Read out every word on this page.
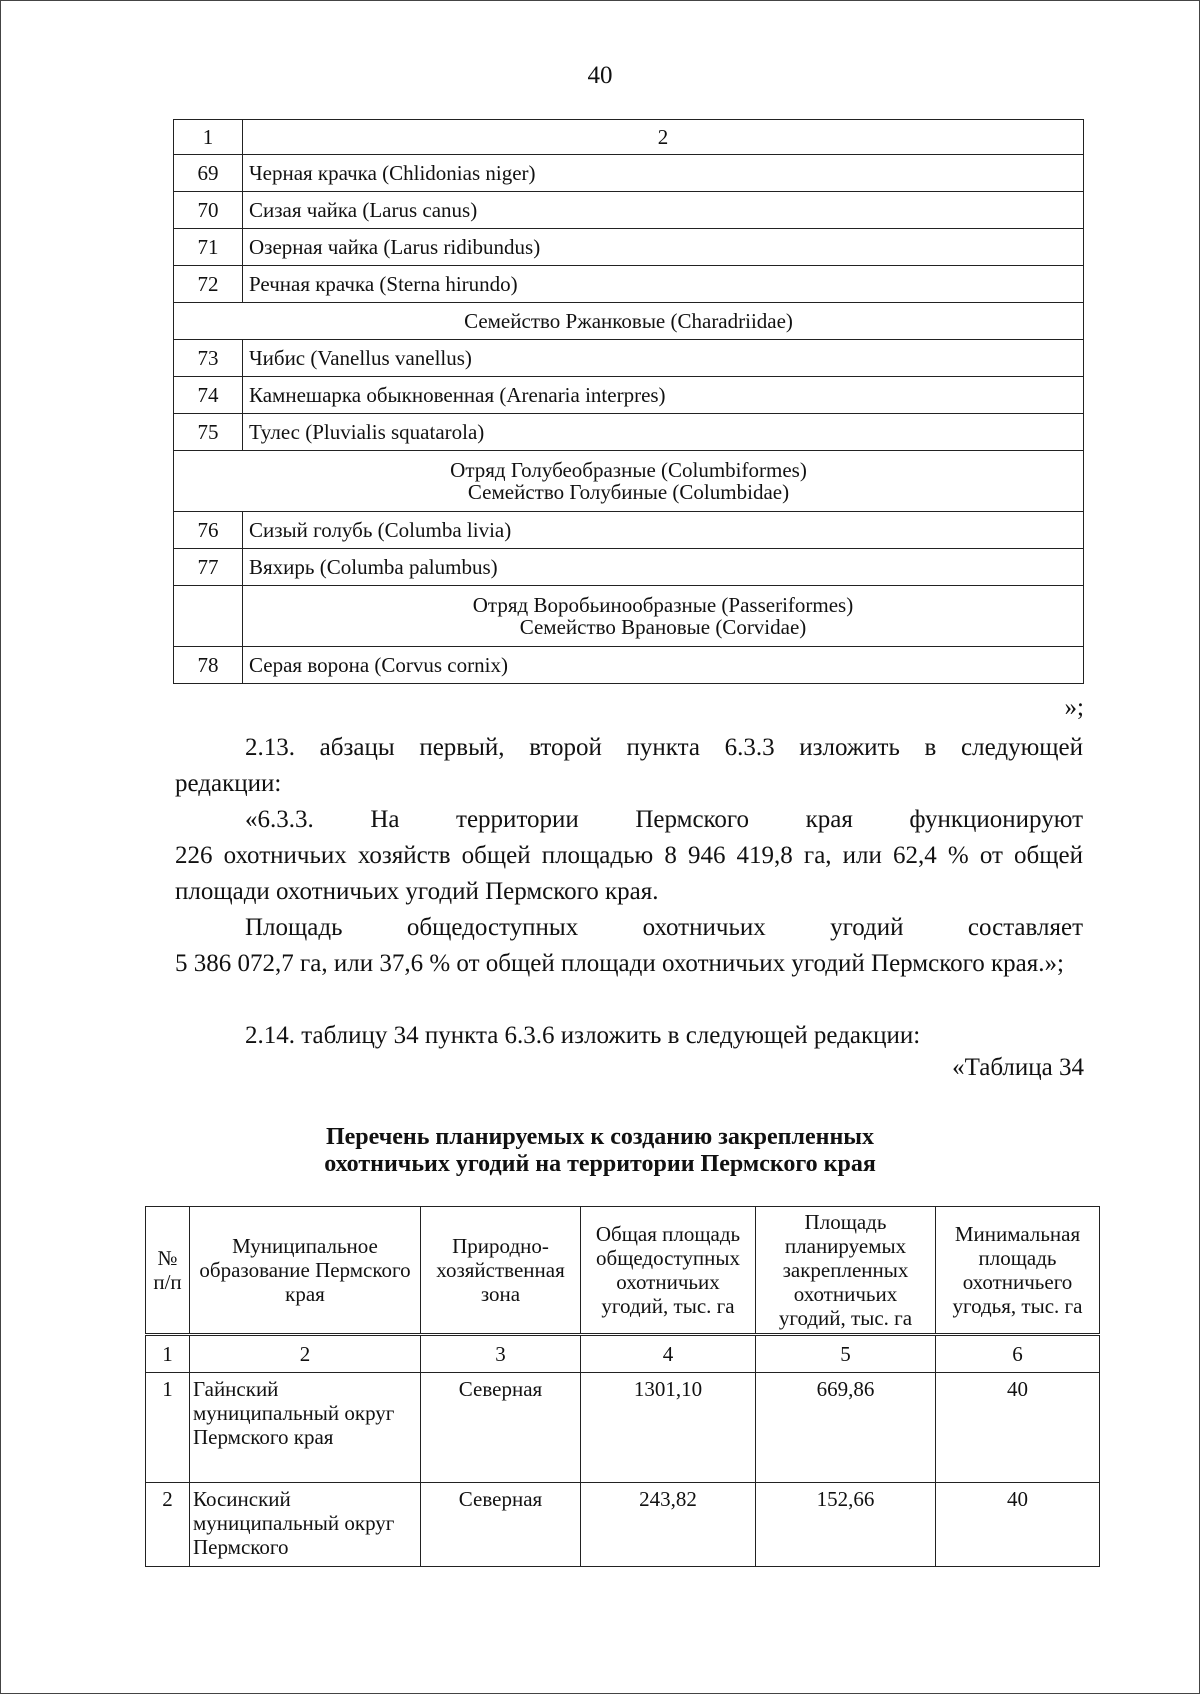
40
1	2
69	Черная крачка (Chlidonias niger)
70	Сизая чайка (Larus canus)
71	Озерная чайка (Larus ridibundus)
72	Речная крачка (Sterna hirundo)
Семейство Ржанковые (Charadriidae)	
73	Чибис (Vanellus vanellus)
74	Камнешарка обыкновенная (Arenaria interpres)
75	Тулес (Pluvialis squatarola)

Отряд Голубеобразные (Columbiformes)
Семейство Голубиные (Columbidae)	

76	Сизый голубь (Columba livia)
77	Вяхирь (Columba palumbus)

	Отряд Воробьинообразные (Passeriformes)
Семейство Врановые (Corvidae)

78	Серая ворона (Corvus cornix)
»;
2.13. абзацы первый, второй пункта 6.3.3 изложить в следующей
редакции:
«6.3.3. На территории Пермского края функционируют
226 охотничьих хозяйств общей площадью 8 946 419,8 га, или 62,4 % от общей площади охотничьих угодий Пермского края.
Площадь общедоступных охотничьих угодий составляет
5 386 072,7 га, или 37,6 % от общей площади охотничьих угодий Пермского края.»;
2.14. таблицу 34 пункта 6.3.6 изложить в следующей редакции:
«Таблица 34
Перечень планируемых к созданию закрепленных
охотничьих угодий на территории Пермского края
№ п/п	Муниципальное образование Пермского края	Природно-хозяйственная зона	Общая площадь общедоступных охотничьих угодий, тыс. га	Площадь планируемых закрепленных охотничьих угодий, тыс. га	Минимальная площадь охотничьего угодья, тыс. га
1	2	3	4	5	6
1	Гайнский муниципальный округ Пермского края	Северная	1301,10	669,86	40
2	Косинский муниципальный округ Пермского	Северная	243,82	152,66	40
